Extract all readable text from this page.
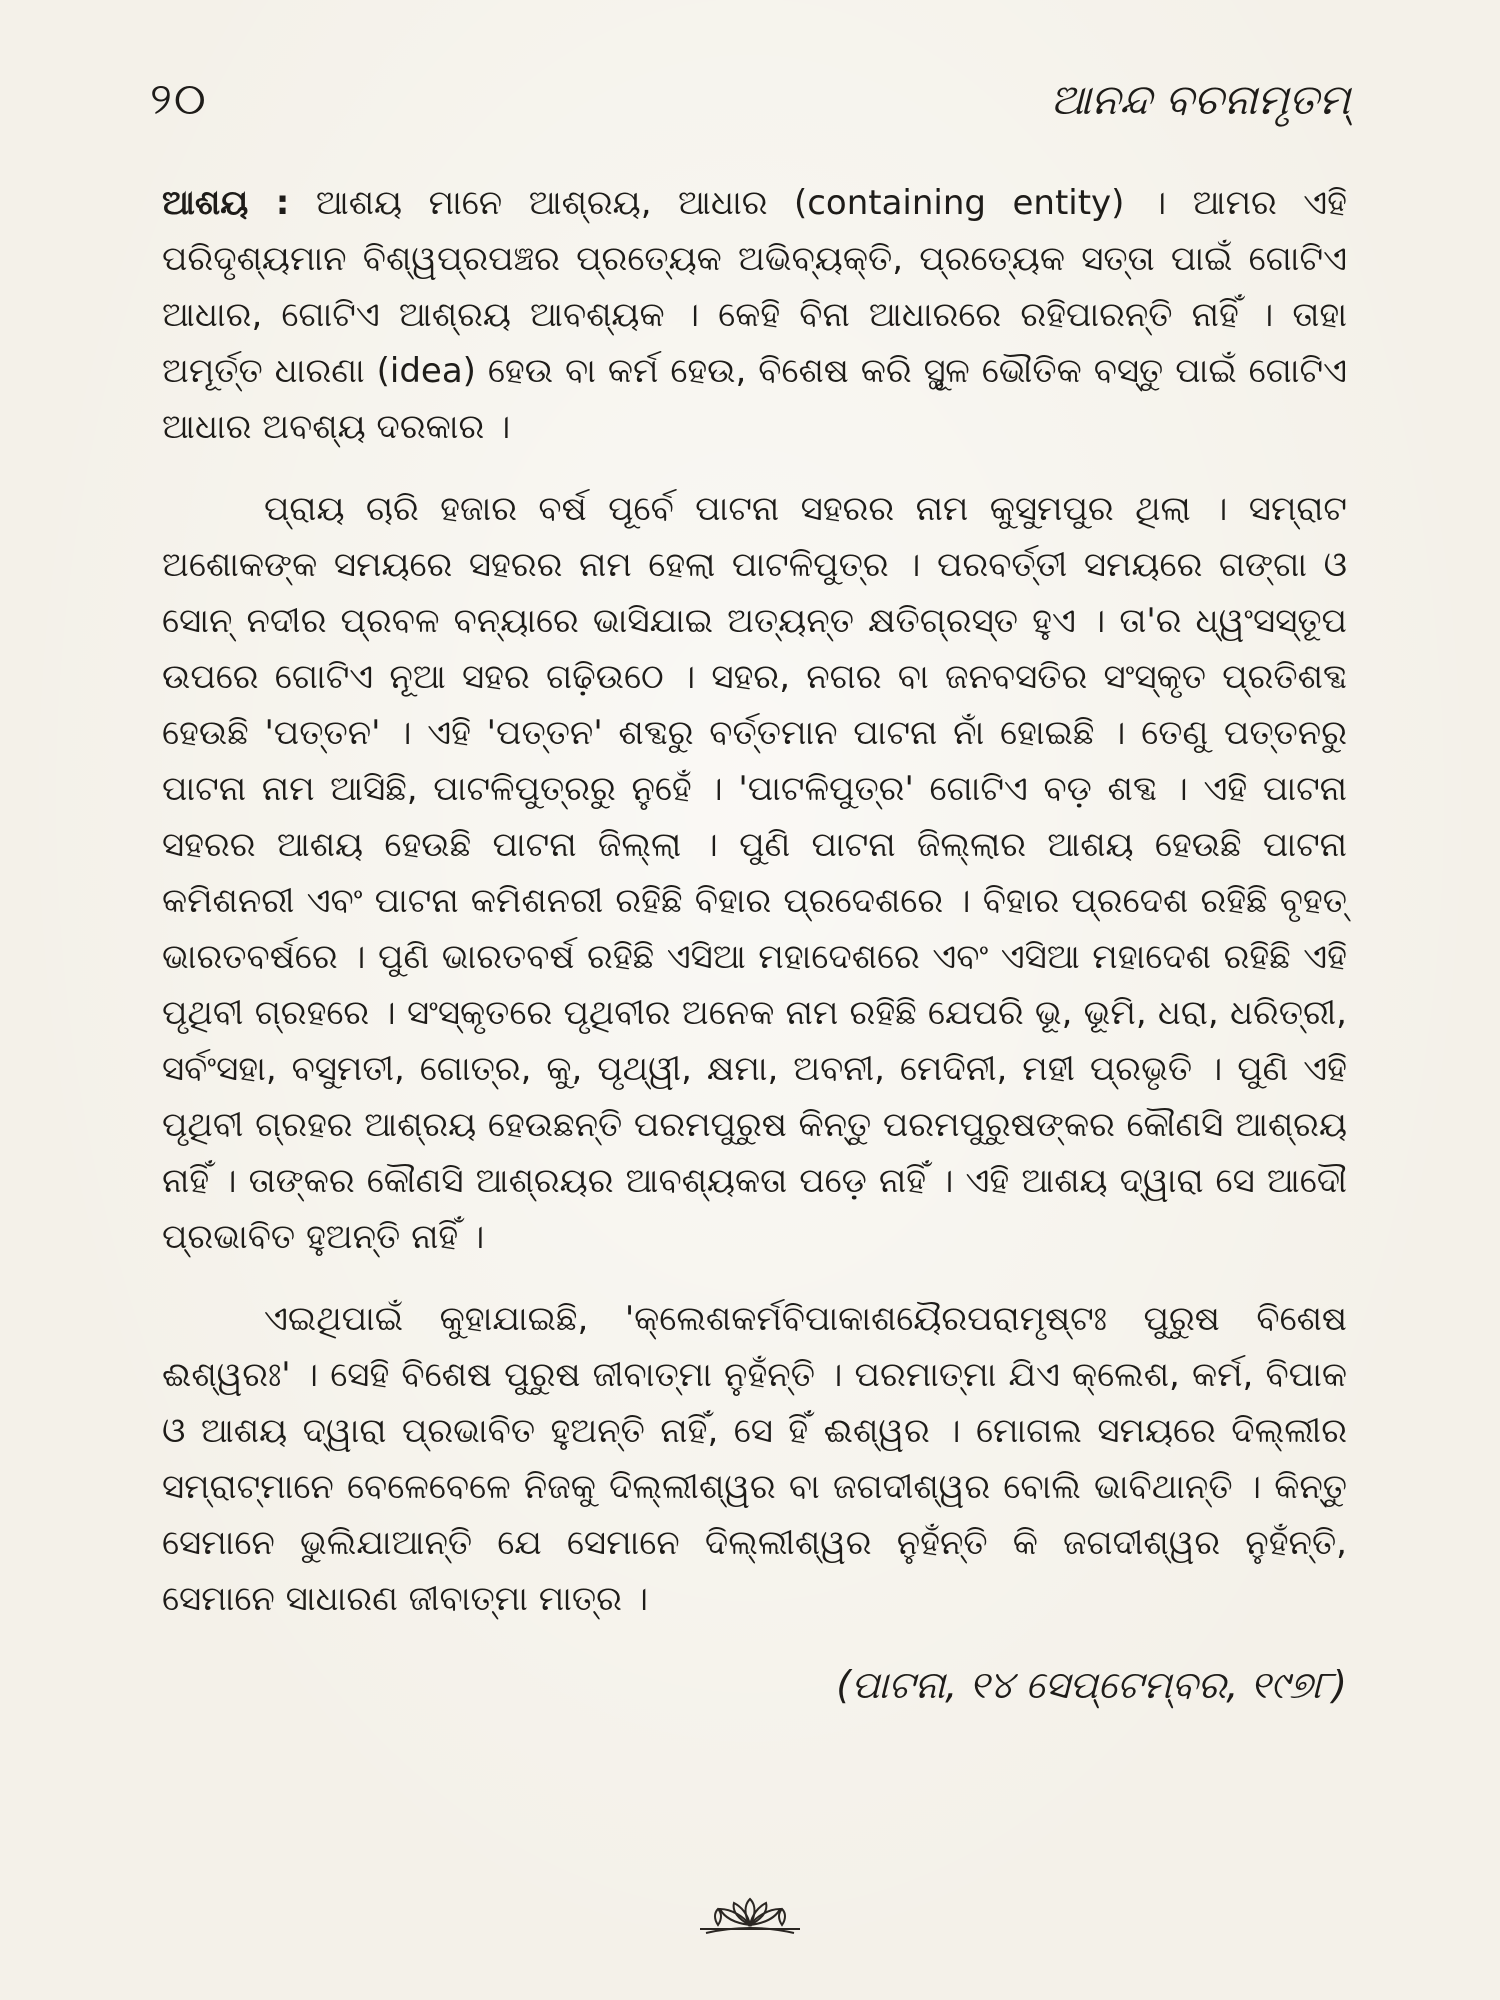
୨୦	ଆନନ୍ଦ ବଚନାମୃତମ୍

ଆଶୟ : ଆଶୟ ମାନେ ଆଶ୍ରୟ, ଆଧାର (containing entity) । ଆମର ଏହି ପରିଦୃଶ୍ୟମାନ ବିଶ୍ୱପ୍ରପଞ୍ଚର ପ୍ରତ୍ୟେକ ଅଭିବ୍ୟକ୍ତି, ପ୍ରତ୍ୟେକ ସତ୍ତା ପାଇଁ ଗୋଟିଏ ଆଧାର, ଗୋଟିଏ ଆଶ୍ରୟ ଆବଶ୍ୟକ । କେହି ବିନା ଆଧାରରେ ରହିପାରନ୍ତି ନାହିଁ । ତାହା ଅମୂର୍ତ୍ତ ଧାରଣା (idea) ହେଉ ବା କର୍ମ ହେଉ, ବିଶେଷ କରି ସ୍ଥୂଳ ଭୌତିକ ବସ୍ତୁ ପାଇଁ ଗୋଟିଏ ଆଧାର ଅବଶ୍ୟ ଦରକାର ।

ପ୍ରାୟ ଚାରି ହଜାର ବର୍ଷ ପୂର୍ବେ ପାଟନା ସହରର ନାମ କୁସୁମପୁର ଥିଲା । ସମ୍ରାଟ ଅଶୋକଙ୍କ ସମୟରେ ସହରର ନାମ ହେଲା ପାଟଳିପୁତ୍ର । ପରବର୍ତ୍ତୀ ସମୟରେ ଗଙ୍ଗା ଓ ସୋନ୍ ନଦୀର ପ୍ରବଳ ବନ୍ୟାରେ ଭାସିଯାଇ ଅତ୍ୟନ୍ତ କ୍ଷତିଗ୍ରସ୍ତ ହୁଏ । ତା'ର ଧ୍ୱଂସସ୍ତୂପ ଉପରେ ଗୋଟିଏ ନୂଆ ସହର ଗଢ଼ିଉଠେ । ସହର, ନଗର ବା ଜନବସତିର ସଂସ୍କୃତ ପ୍ରତିଶବ୍ଦ ହେଉଛି 'ପତ୍ତନ' । ଏହି 'ପତ୍ତନ' ଶବ୍ଦରୁ ବର୍ତ୍ତମାନ ପାଟନା ନାଁ ହୋଇଛି । ତେଣୁ ପତ୍ତନରୁ ପାଟନା ନାମ ଆସିଛି, ପାଟଳିପୁତ୍ରରୁ ନୁହେଁ । 'ପାଟଳିପୁତ୍ର' ଗୋଟିଏ ବଡ଼ ଶବ୍ଦ । ଏହି ପାଟନା ସହରର ଆଶୟ ହେଉଛି ପାଟନା ଜିଲ୍ଲା । ପୁଣି ପାଟନା ଜିଲ୍ଲାର ଆଶୟ ହେଉଛି ପାଟନା କମିଶନରୀ ଏବଂ ପାଟନା କମିଶନରୀ ରହିଛି ବିହାର ପ୍ରଦେଶରେ । ବିହାର ପ୍ରଦେଶ ରହିଛି ବୃହତ୍ ଭାରତବର୍ଷରେ । ପୁଣି ଭାରତବର୍ଷ ରହିଛି ଏସିଆ ମହାଦେଶରେ ଏବଂ ଏସିଆ ମହାଦେଶ ରହିଛି ଏହି ପୃଥିବୀ ଗ୍ରହରେ । ସଂସ୍କୃତରେ ପୃଥିବୀର ଅନେକ ନାମ ରହିଛି ଯେପରି ଭୂ, ଭୂମି, ଧରା, ଧରିତ୍ରୀ, ସର୍ବଂସହା, ବସୁମତୀ, ଗୋତ୍ର, କୁ, ପୃଥ୍ୱୀ, କ୍ଷମା, ଅବନୀ, ମେଦିନୀ, ମହୀ ପ୍ରଭୃତି । ପୁଣି ଏହି ପୃଥିବୀ ଗ୍ରହର ଆଶ୍ରୟ ହେଉଛନ୍ତି ପରମପୁରୁଷ କିନ୍ତୁ ପରମପୁରୁଷଙ୍କର କୌଣସି ଆଶ୍ରୟ ନାହିଁ । ତାଙ୍କର କୌଣସି ଆଶ୍ରୟର ଆବଶ୍ୟକତା ପଡ଼େ ନାହିଁ । ଏହି ଆଶୟ ଦ୍ୱାରା ସେ ଆଦୌ ପ୍ରଭାବିତ ହୁଅନ୍ତି ନାହିଁ ।

ଏଇଥିପାଇଁ କୁହାଯାଇଛି, 'କ୍ଲେଶକର୍ମବିପାକାଶୟୈରପରାମୃଷ୍ଟଃ ପୁରୁଷ ବିଶେଷ ଈଶ୍ୱରଃ' । ସେହି ବିଶେଷ ପୁରୁଷ ଜୀବାତ୍ମା ନୁହଁନ୍ତି । ପରମାତ୍ମା ଯିଏ କ୍ଲେଶ, କର୍ମ, ବିପାକ ଓ ଆଶୟ ଦ୍ୱାରା ପ୍ରଭାବିତ ହୁଅନ୍ତି ନାହିଁ, ସେ ହିଁ ଈଶ୍ୱର । ମୋଗଲ ସମୟରେ ଦିଲ୍ଲୀର ସମ୍ରାଟ୍‌ମାନେ ବେଳେବେଳେ ନିଜକୁ ଦିଲ୍ଲୀଶ୍ୱର ବା ଜଗଦୀଶ୍ୱର ବୋଲି ଭାବିଥାନ୍ତି । କିନ୍ତୁ ସେମାନେ ଭୁଲିଯାଆନ୍ତି ଯେ ସେମାନେ ଦିଲ୍ଲୀଶ୍ୱର ନୁହଁନ୍ତି କି ଜଗଦୀଶ୍ୱର ନୁହଁନ୍ତି, ସେମାନେ ସାଧାରଣ ଜୀବାତ୍ମା ମାତ୍ର ।

(ପାଟନା, ୧୪ ସେପ୍ଟେମ୍ବର, ୧୯୭୮)
